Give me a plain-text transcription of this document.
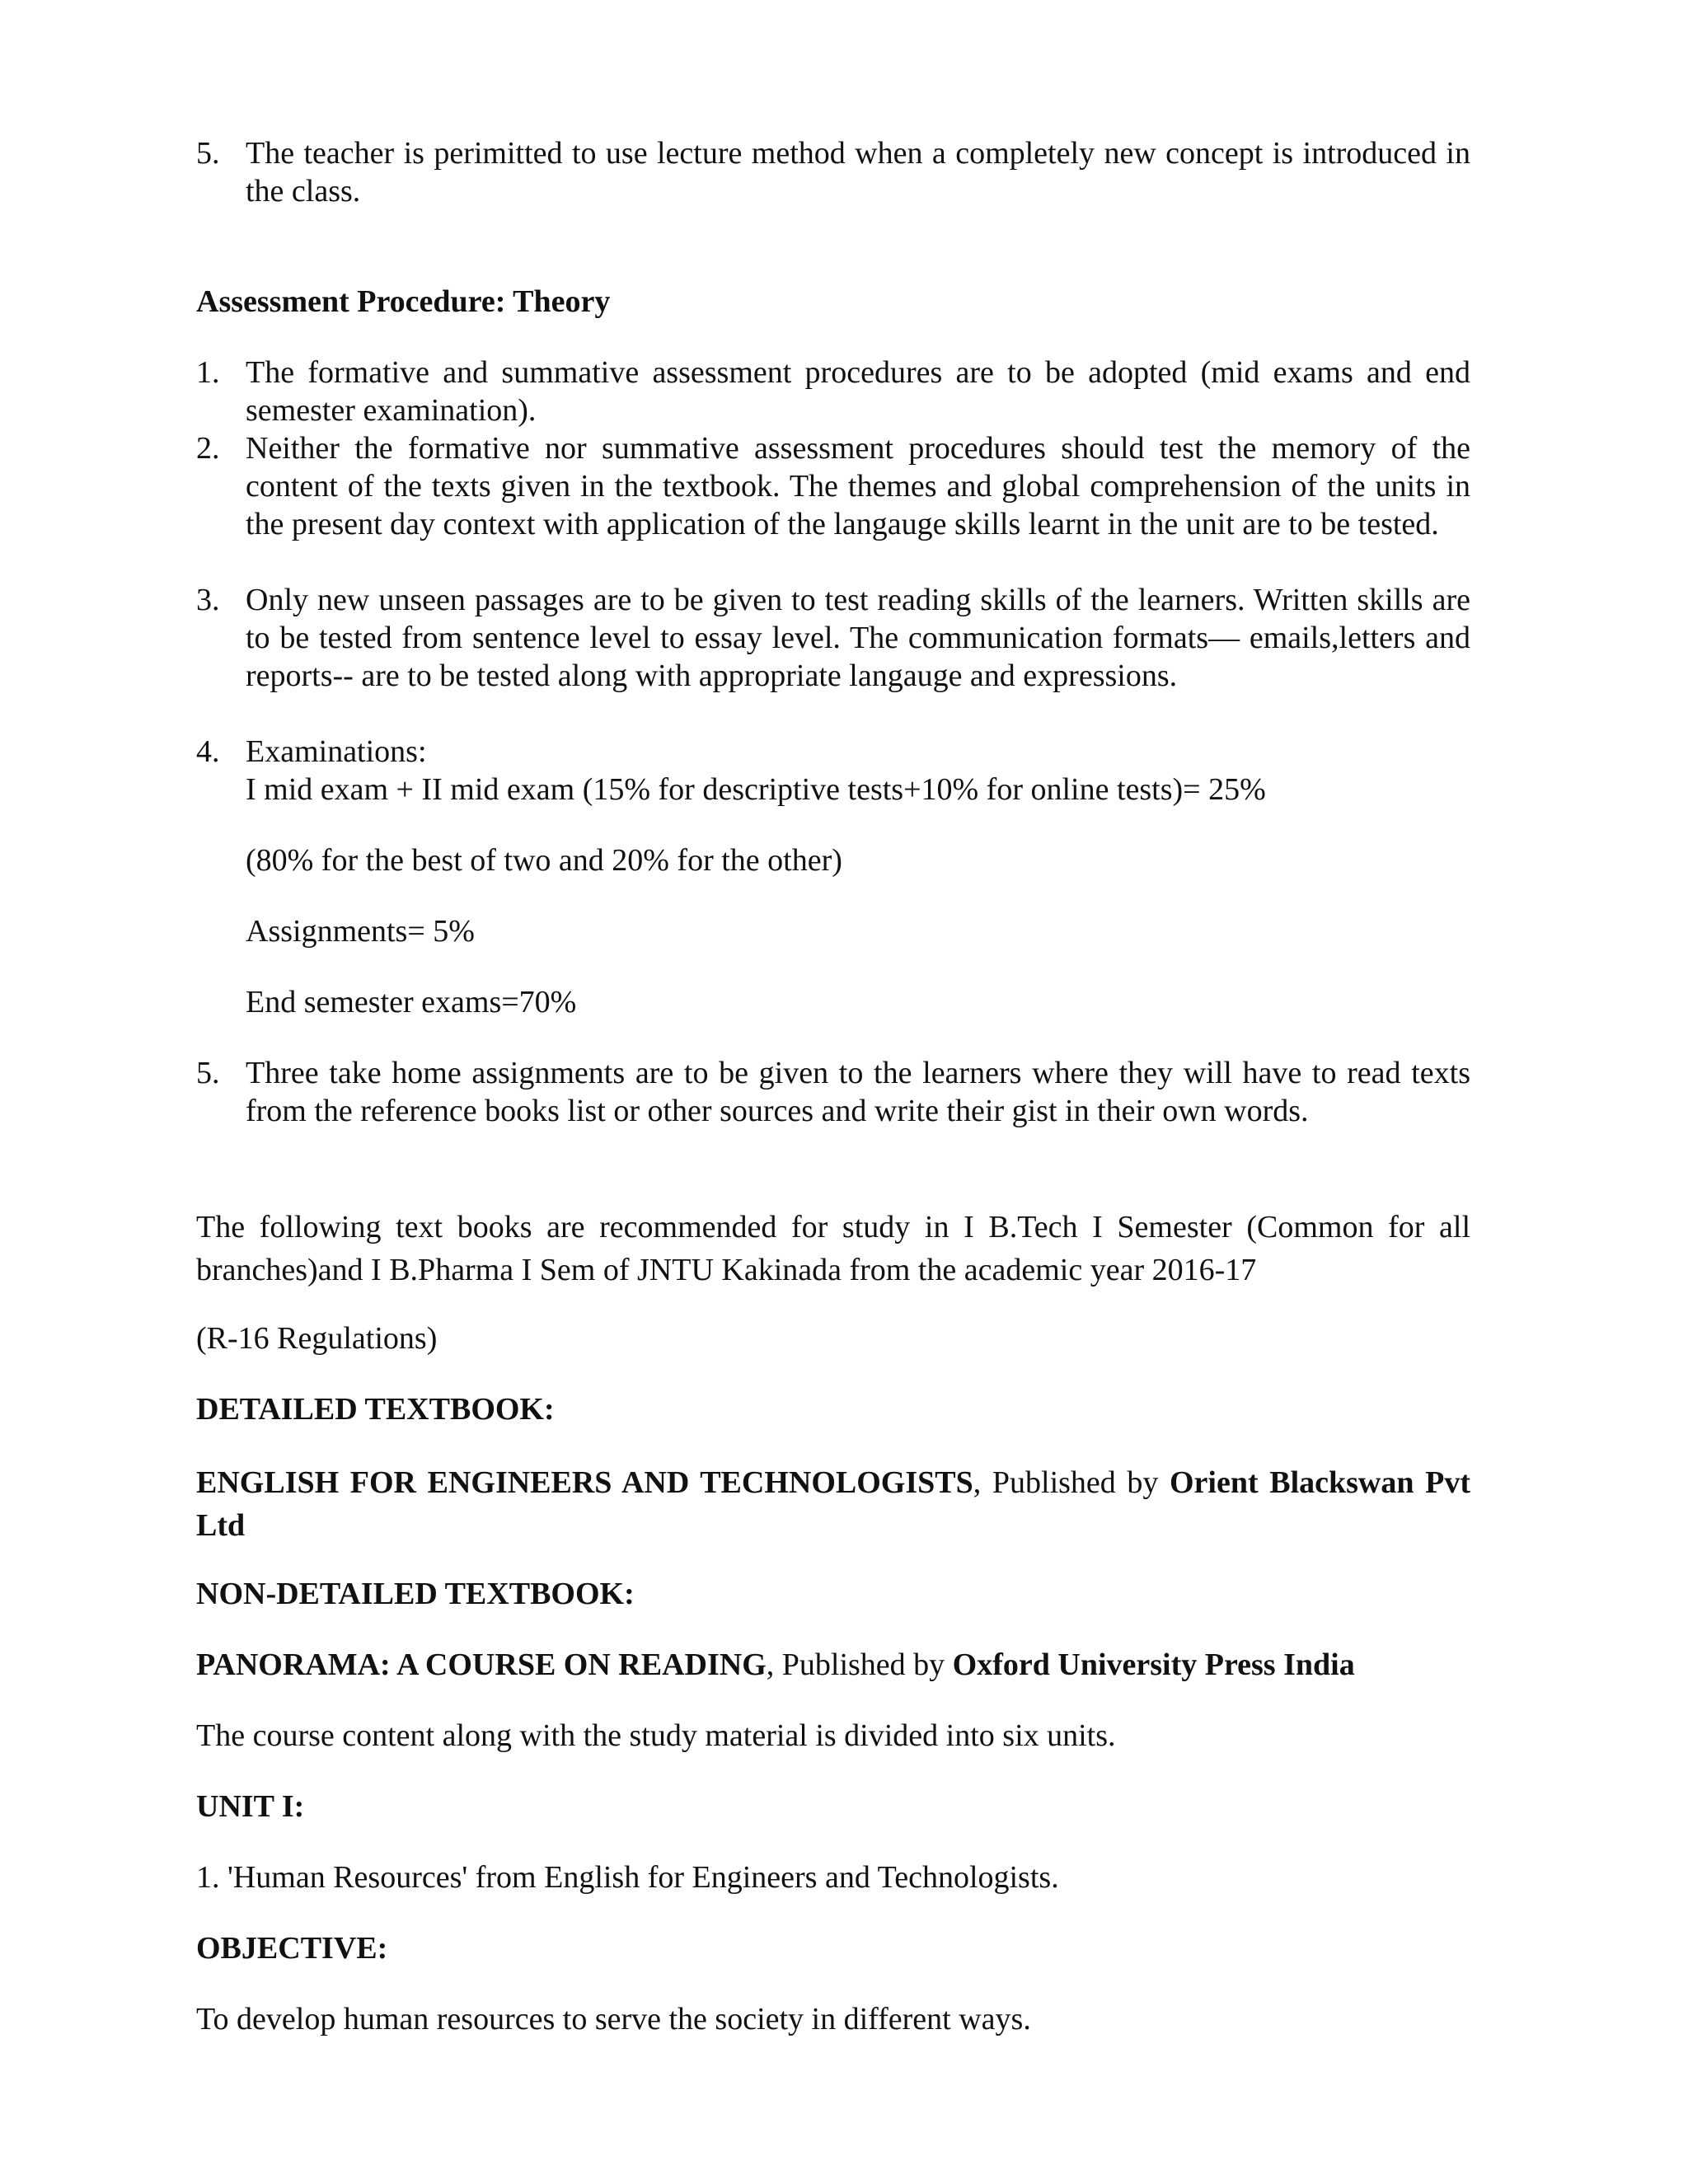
5. The teacher is perimitted to use lecture method when a completely new concept is introduced in the class.

Assessment Procedure: Theory

1. The formative and summative assessment procedures are to be adopted (mid exams and end semester examination).
2. Neither the formative nor summative assessment procedures should test the memory of the content of the texts given in the textbook. The themes and global comprehension of the units in the present day context with application of the langauge skills learnt in the unit are to be tested.
3. Only new unseen passages are to be given to test reading skills of the learners. Written skills are to be tested from sentence level to essay level. The communication formats— emails,letters and reports-- are to be tested along with appropriate langauge and expressions.
4. Examinations:

I mid exam + II mid exam (15% for descriptive tests+10% for online tests)= 25%

(80% for the best of two and 20% for the other)

Assignments= 5%

End semester exams=70%

5. Three take home assignments are to be given to the learners where they will have to read texts from the reference books list or other sources and write their gist in their own words.

The following text books are recommended for study in I B.Tech I Semester (Common for all branches)and I B.Pharma I Sem of JNTU Kakinada from the academic year 2016-17

(R-16 Regulations)

DETAILED TEXTBOOK:

ENGLISH FOR ENGINEERS AND TECHNOLOGISTS, Published by Orient Blackswan Pvt Ltd

NON-DETAILED TEXTBOOK:

PANORAMA: A COURSE ON READING, Published by Oxford University Press India

The course content along with the study material is divided into six units.

UNIT I:

1. 'Human Resources' from English for Engineers and Technologists.

OBJECTIVE:

To develop human resources to serve the society in different ways.
